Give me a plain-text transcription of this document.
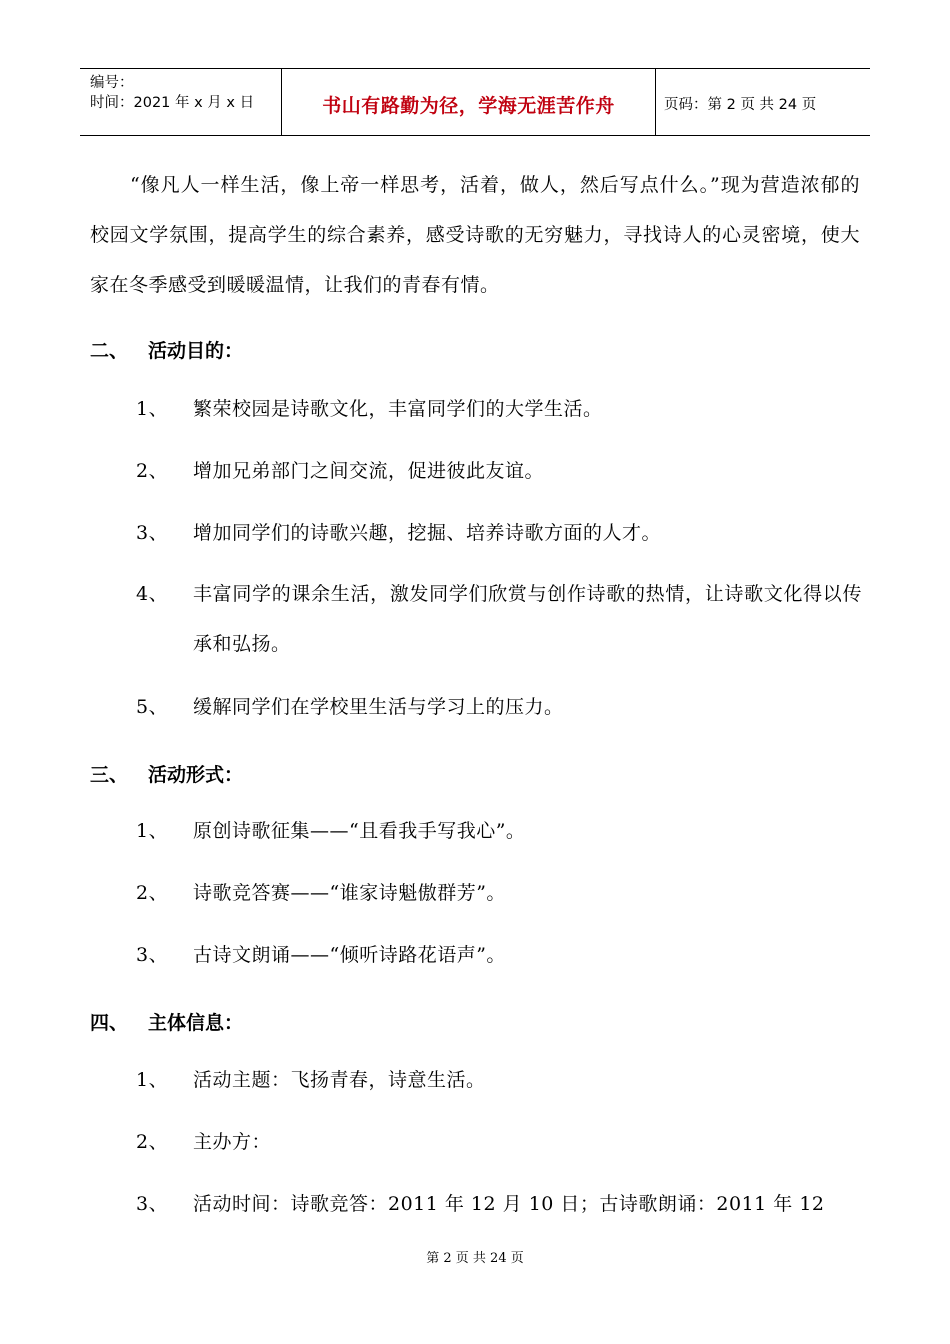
编号：
时间：2021 年 x 月 x 日	书山有路勤为径，学海无涯苦作舟	页码：第 2 页 共 24 页
“像凡人一样生活，像上帝一样思考，活着，做人，然后写点什么。”现为营造浓郁的校园文学氛围，提高学生的综合素养，感受诗歌的无穷魅力，寻找诗人的心灵密境，使大家在冬季感受到暖暖温情，让我们的青春有情。
二、 活动目的：
1、 繁荣校园是诗歌文化，丰富同学们的大学生活。
2、 增加兄弟部门之间交流，促进彼此友谊。
3、 增加同学们的诗歌兴趣，挖掘、培养诗歌方面的人才。
4、 丰富同学的课余生活，激发同学们欣赏与创作诗歌的热情，让诗歌文化得以传承和弘扬。
5、 缓解同学们在学校里生活与学习上的压力。
三、 活动形式：
1、 原创诗歌征集——“且看我手写我心”。
2、 诗歌竞答赛——“谁家诗魁傲群芳”。
3、 古诗文朗诵——“倾听诗路花语声”。
四、 主体信息：
1、 活动主题：飞扬青春，诗意生活。
2、 主办方：
3、 活动时间：诗歌竞答：2011 年 12 月 10 日；古诗歌朗诵：2011 年 12
第 2 页 共 24 页
